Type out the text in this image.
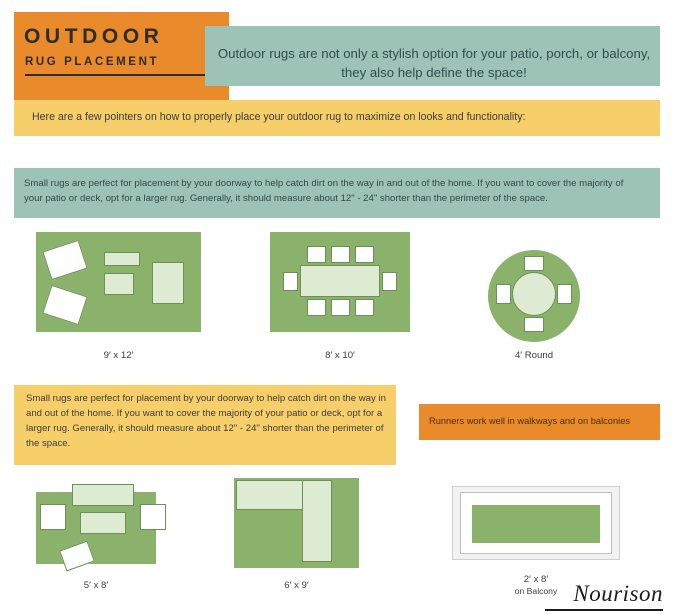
OUTDOOR
RUG PLACEMENT
Outdoor rugs are not only a stylish option for your patio, porch, or balcony, they also help define the space!
Here are a few pointers on how to properly place your outdoor rug to maximize on looks and functionality:
Small rugs are perfect for placement by your doorway to help catch dirt on the way in and out of the home. If you want to cover the majority of your patio or deck, opt for a larger rug. Generally, it should measure about 12" - 24" shorter than the perimeter of the space.
9′ x 12′	8′ x 10′	4′ Round
Small rugs are perfect for placement by your doorway to help catch dirt on the way in and out of the home. If you want to cover the majority of your patio or deck, opt for a larger rug. Generally, it should measure about 12" - 24" shorter than the perimeter of the space.
Runners work well in walkways and on balconies
5′ x 8′	6′ x 9′
2′ x 8′
on Balcony Nourison
